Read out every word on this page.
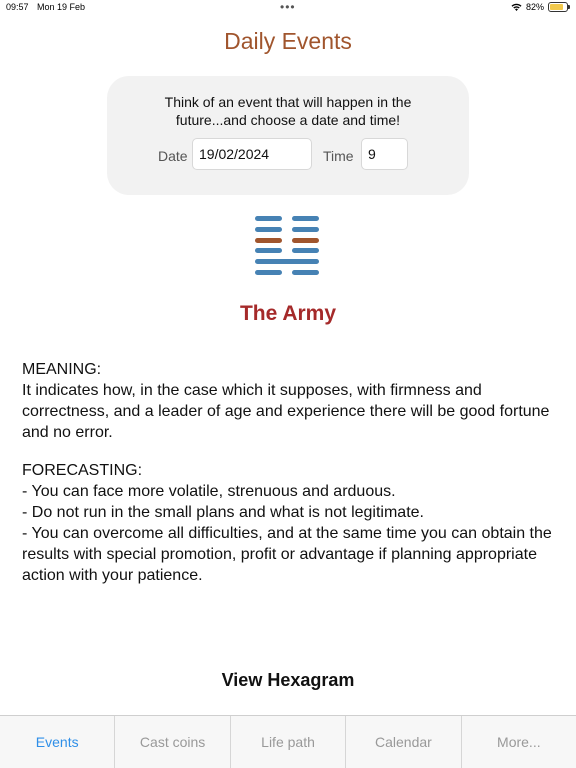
09:57 Mon 19 Feb	•••	82%
Daily Events
Think of an event that will happen in the future...and choose a date and time!
Date 19/02/2024	Time	9
The Army

MEANING:

It indicates how, in the case which it supposes, with firmness and correctness, and a leader of age and experience there will be good fortune and no error.

FORECASTING:

- You can face more volatile, strenuous and arduous.

- Do not run in the small plans and what is not legitimate.

- You can overcome all difficulties, and at the same time you can obtain the results with special promotion, profit or advantage if planning appropriate action with your patience.

View Hexagram
Events	Cast coins	Life path	Calendar	More...
